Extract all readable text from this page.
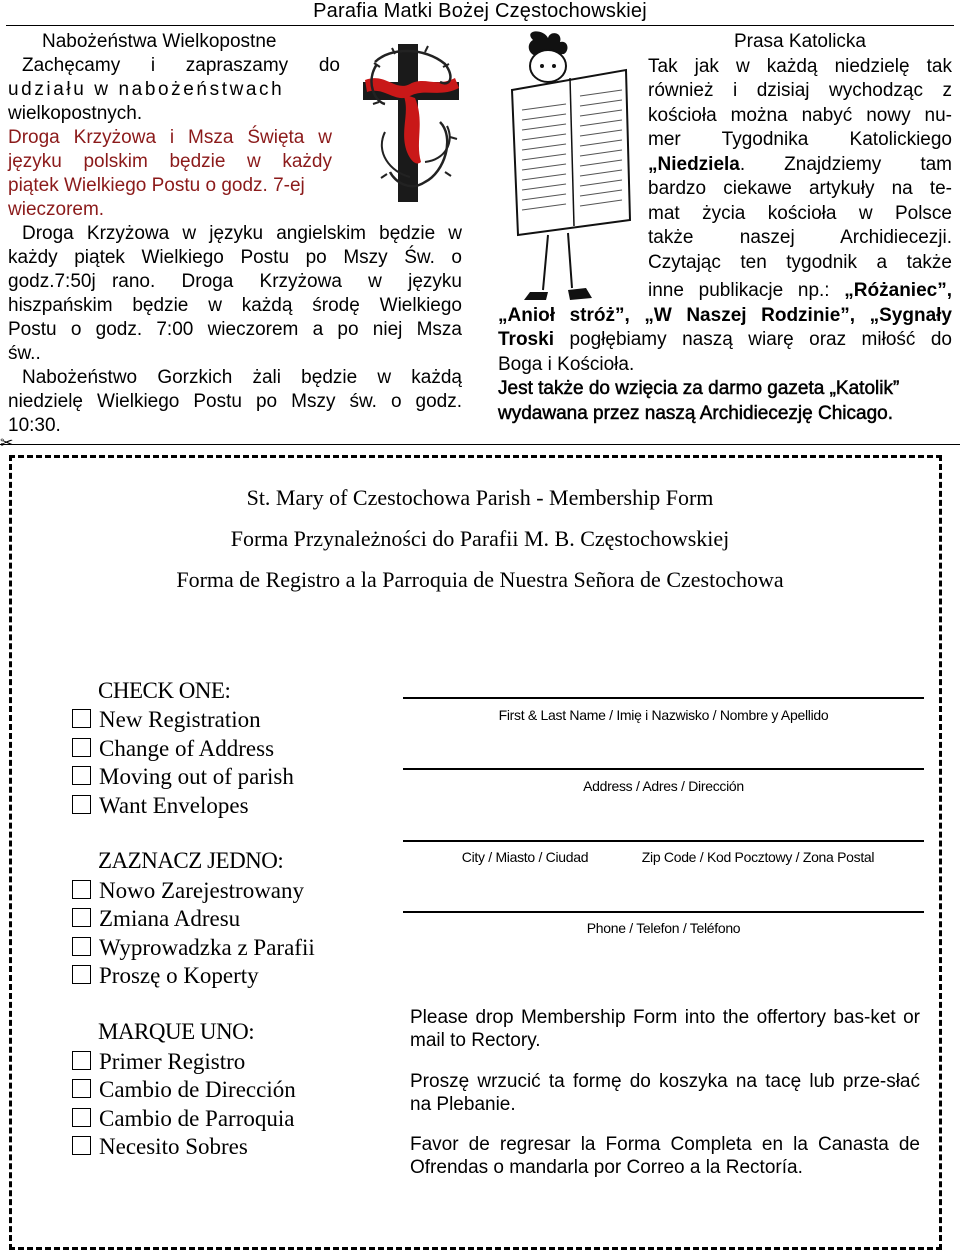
Parafia Matki Bożej Częstochowskiej

Nabożeństwa Wielkopostne

Zachęcamy i zapraszamy do

udziału w nabożeństwach

wielkopostnych.

Droga Krzyżowa i Msza Święta w

języku polskim będzie w każdy

piątek Wielkiego Postu o godz. 7-ej

wieczorem.

Droga Krzyżowa w języku angielskim będzie w

każdy piątek Wielkiego Postu po Mszy Św. o

godz.7:50j rano. Droga Krzyżowa w języku

hiszpańskim będzie w każdą środę Wielkiego

Postu o godz. 7:00 wieczorem a po niej Msza

św..

Nabożeństwo Gorzkich żali będzie w każdą

niedzielę Wielkiego Postu po Mszy św. o godz.

10:30.

Prasa Katolicka

Tak jak w każdą niedzielę tak

również i dzisiaj wychodząc z

kościoła można nabyć nowy nu-

mer Tygodnika Katolickiego

„Niedziela. Znajdziemy tam

bardzo ciekawe artykuły na te-

mat życia kościoła w Polsce

także naszej Archidiecezji.

Czytając ten tygodnik a także

inne publikacje np.: „Różaniec”,

„Anioł stróż”, „W Naszej Rodzinie”, „Sygnały

Troski pogłębiamy naszą wiarę oraz miłość do

Boga i Kościoła.

Jest także do wzięcia za darmo gazeta „Katolik”

wydawana przez naszą Archidiecezję Chicago.

✂
St. Mary of Czestochowa Parish - Membership Form
Forma Przynależności do Parafii M. B. Częstochowskiej
Forma de Registro a la Parroquia de Nuestra Señora de Czestochowa
CHECK ONE:
New Registration
Change of Address
Moving out of parish
Want Envelopes
ZAZNACZ JEDNO:
Nowo Zarejestrowany
Zmiana Adresu
Wyprowadzka z Parafii
Proszę o Koperty
MARQUE UNO:
Primer Registro
Cambio de Dirección
Cambio de Parroquia
Necesito Sobres
First & Last Name / Imię i Nazwisko / Nombre y Apellido
Address / Adres / Dirección
City / Miasto / Ciudad	Zip Code / Kod Pocztowy / Zona Postal
Phone / Telefon / Teléfono

Please drop Membership Form into the offertory bas-ket or mail to Rectory.

Proszę wrzucić ta formę do koszyka na tacę lub prze-słać na Plebanie.

Favor de regresar la Forma Completa en la Canasta de Ofrendas o mandarla por Correo a la Rectoría.
